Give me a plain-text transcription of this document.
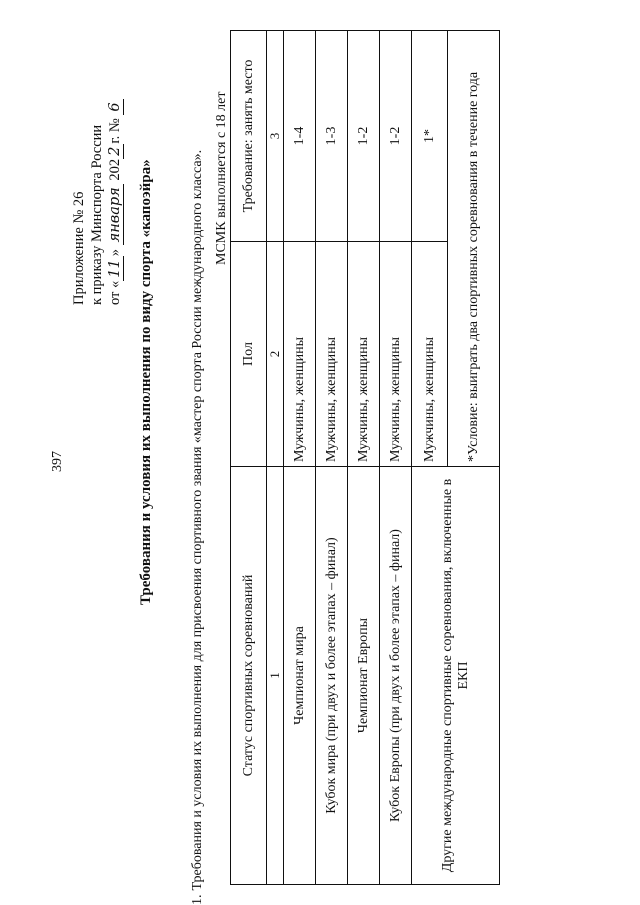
397
Приложение № 26 к приказу Минспорта России от «11» января 2022г. № 6
Требования и условия их выполнения по виду спорта «капоэйра»
1.Требования и условия их выполнения для присвоения спортивного звания «мастер спорта России международного класса». МСМК выполняется с 18 лет
Статус спортивных соревнований	Пол	Требование: занять место
1	2	3
Чемпионат мира	Мужчины, женщины	1-4
Кубок мира (при двух и более этапах – финал)	Мужчины, женщины	1-3
Чемпионат Европы	Мужчины, женщины	1-2
Кубок Европы (при двух и более этапах – финал)	Мужчины, женщины	1-2
Другие международные спортивные соревнования, включенные в ЕКП	Мужчины, женщины	1*
	*Условие: выиграть два спортивных соревнования в течение года	
